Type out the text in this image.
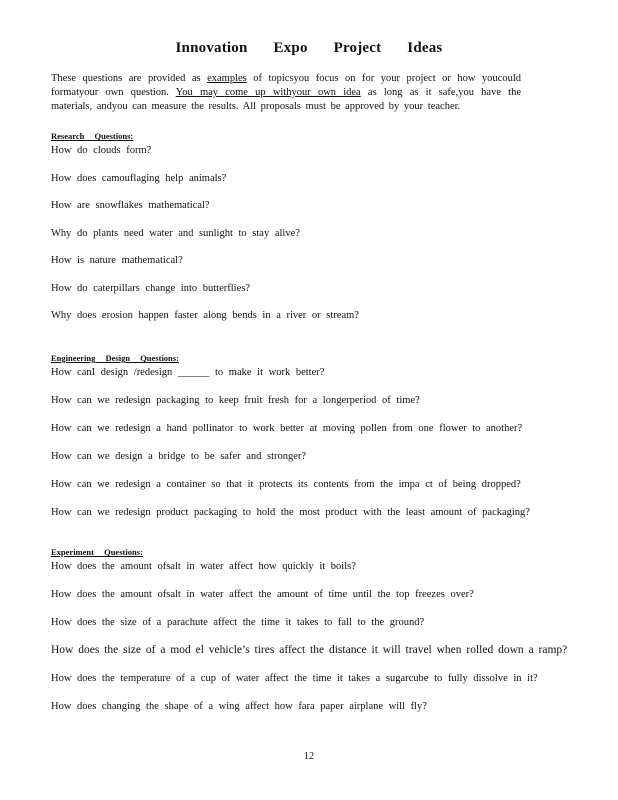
Innovation Expo Project Ideas
These questions are provided as examples of topicsyou focus on for your project or how youcould formatyour own question. You may come up withyour own idea as long as it safe,you have the materials, andyou can measure the results. All proposals must be approved by your teacher.
Research Questions:

How do clouds form?

How does camouflaging help animals?

How are snowflakes mathematical?

Why do plants need water and sunlight to stay alive?

How is nature mathematical?

How do caterpillars change into butterflies?

Why does erosion happen faster along bends in a river or stream?

Engineering Design Questions:

How canI design /redesign ______ to make it work better?

How can we redesign packaging to keep fruit fresh for a longerperiod of time?

How can we redesign a hand pollinator to work better at moving pollen from one flower to another?

How can we design a bridge to be safer and stronger?

How can we redesign a container so that it protects its contents from the impa ct of being dropped?

How can we redesign product packaging to hold the most product with the least amount of packaging?

Experiment Questions:

How does the amount ofsalt in water affect how quickly it boils?

How does the amount ofsalt in water affect the amount of time until the top freezes over?

How does the size of a parachute affect the time it takes to fall to the ground?

How does the size of a mod el vehicle’s tires affect the distance it will travel when rolled down a ramp?

How does the temperature of a cup of water affect the time it takes a sugarcube to fully dissolve in it?

How does changing the shape of a wing affect how fara paper airplane will fly?

12
